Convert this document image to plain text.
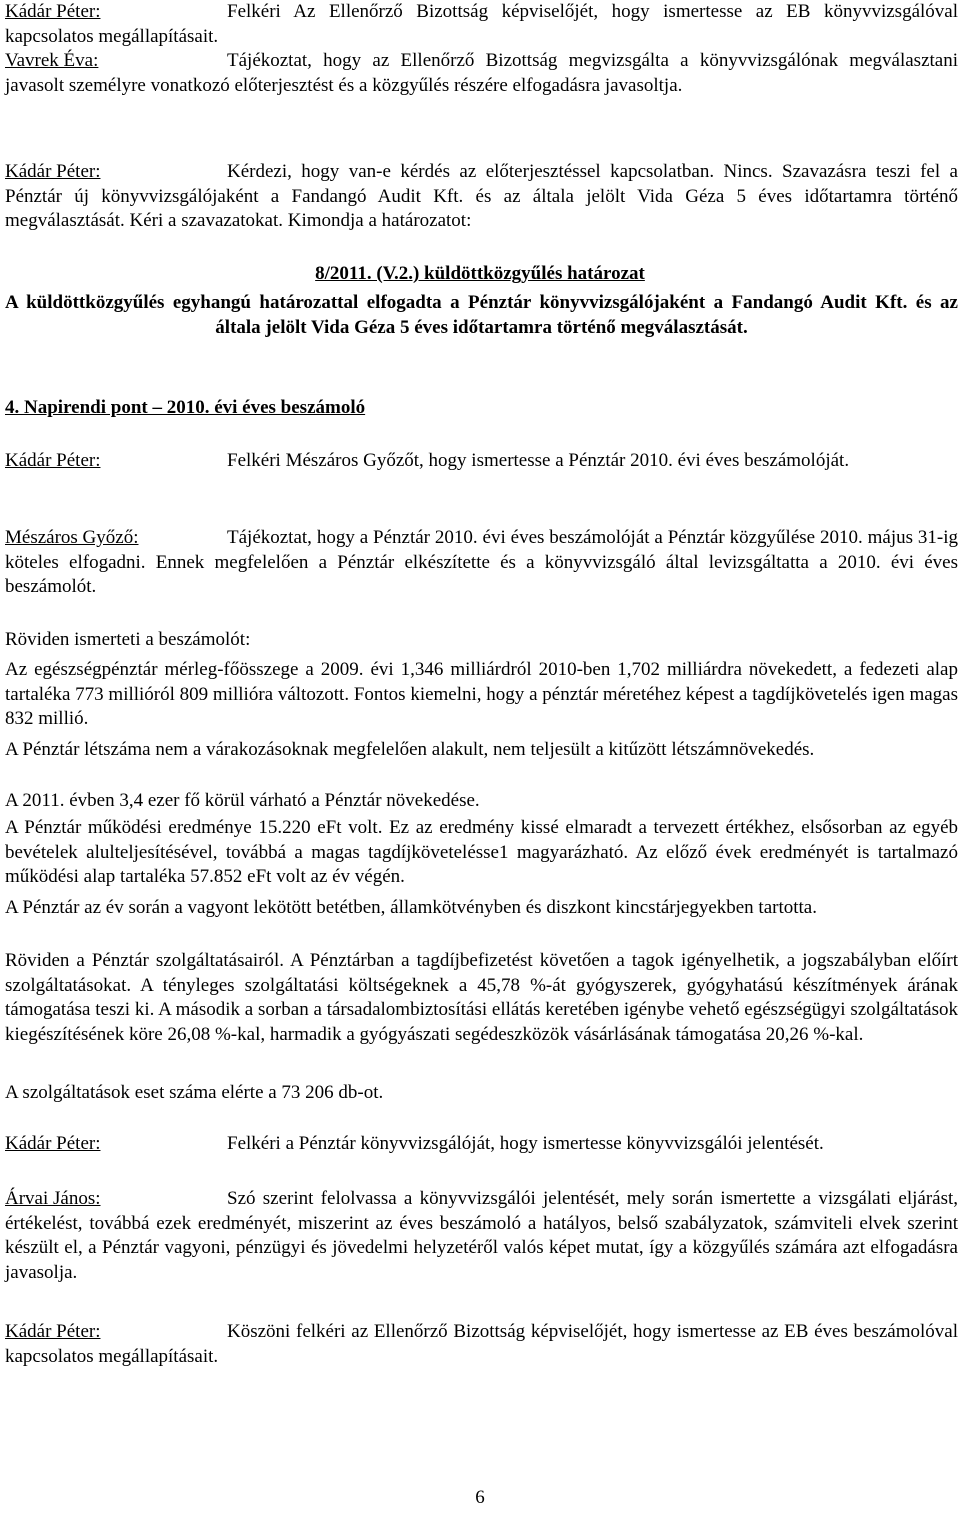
Kádár Péter:	Felkéri Az Ellenőrző Bizottság képviselőjét, hogy ismertesse az EB könyvvizsgálóval kapcsolatos megállapításait.
Vavrek Éva:	Tájékoztat, hogy az Ellenőrző Bizottság megvizsgálta a könyvvizsgálónak megválasztani javasolt személyre vonatkozó előterjesztést és a közgyűlés részére elfogadásra javasoltja.
Kádár Péter:	Kérdezi, hogy van-e kérdés az előterjesztéssel kapcsolatban. Nincs. Szavazásra teszi fel a Pénztár új könyvvizsgálójaként a Fandangó Audit Kft. és az általa jelölt Vida Géza 5 éves időtartamra történő megválasztását. Kéri a szavazatokat. Kimondja a határozatot:
8/2011. (V.2.) küldöttközgyűlés határozat
A küldöttközgyűlés egyhangú határozattal elfogadta a Pénztár könyvvizsgálójaként a Fandangó Audit Kft. és az általa jelölt Vida Géza 5 éves időtartamra történő megválasztását.
4. Napirendi pont – 2010. évi éves beszámoló
Kádár Péter:	Felkéri Mészáros Győzőt, hogy ismertesse a Pénztár 2010. évi éves beszámolóját.
Mészáros Győző:	Tájékoztat, hogy a Pénztár 2010. évi éves beszámolóját a Pénztár közgyűlése 2010. május 31-ig köteles elfogadni. Ennek megfelelően a Pénztár elkészítette és a könyvvizsgáló által levizsgáltatta a 2010. évi éves beszámolót.
Röviden ismerteti a beszámolót:
Az egészségpénztár mérleg-főösszege a 2009. évi 1,346 milliárdról 2010-ben 1,702 milliárdra növekedett, a fedezeti alap tartaléka 773 millióról 809 millióra változott. Fontos kiemelni, hogy a pénztár méretéhez képest a tagdíjkövetelés igen magas 832 millió.
A Pénztár létszáma nem a várakozásoknak megfelelően alakult, nem teljesült a kitűzött létszámnövekedés.
A 2011. évben 3,4 ezer fő körül várható a Pénztár növekedése.
A Pénztár működési eredménye 15.220 eFt volt. Ez az eredmény kissé elmaradt a tervezett értékhez, elsősorban az egyéb bevételek alulteljesítésével, továbbá a magas tagdíjkövetelésse1 magyarázható. Az előző évek eredményét is tartalmazó működési alap tartaléka 57.852 eFt volt az év végén.
A Pénztár az év során a vagyont lekötött betétben, államkötvényben és diszkont kincstárjegyekben tartotta.
Röviden a Pénztár szolgáltatásairól. A Pénztárban a tagdíjbefizetést követően a tagok igényelhetik, a jogszabályban előírt szolgáltatásokat. A tényleges szolgáltatási költségeknek a 45,78 %-át gyógyszerek, gyógyhatású készítmények árának támogatása teszi ki. A második a sorban a társadalombiztosítási ellátás keretében igénybe vehető egészségügyi szolgáltatások kiegészítésének köre 26,08 %-kal, harmadik a gyógyászati segédeszközök vásárlásának támogatása 20,26 %-kal.
A szolgáltatások eset száma elérte a 73 206 db-ot.
Kádár Péter:	Felkéri a Pénztár könyvvizsgálóját, hogy ismertesse könyvvizsgálói jelentését.
Árvai János:	Szó szerint felolvassa a könyvvizsgálói jelentését, mely során ismertette a vizsgálati eljárást, értékelést, továbbá ezek eredményét, miszerint az éves beszámoló a hatályos, belső szabályzatok, számviteli elvek szerint készült el, a Pénztár vagyoni, pénzügyi és jövedelmi helyzetéről valós képet mutat, így a közgyűlés számára azt elfogadásra javasolja.
Kádár Péter:	Köszöni felkéri az Ellenőrző Bizottság képviselőjét, hogy ismertesse az EB éves beszámolóval kapcsolatos megállapításait.
6
